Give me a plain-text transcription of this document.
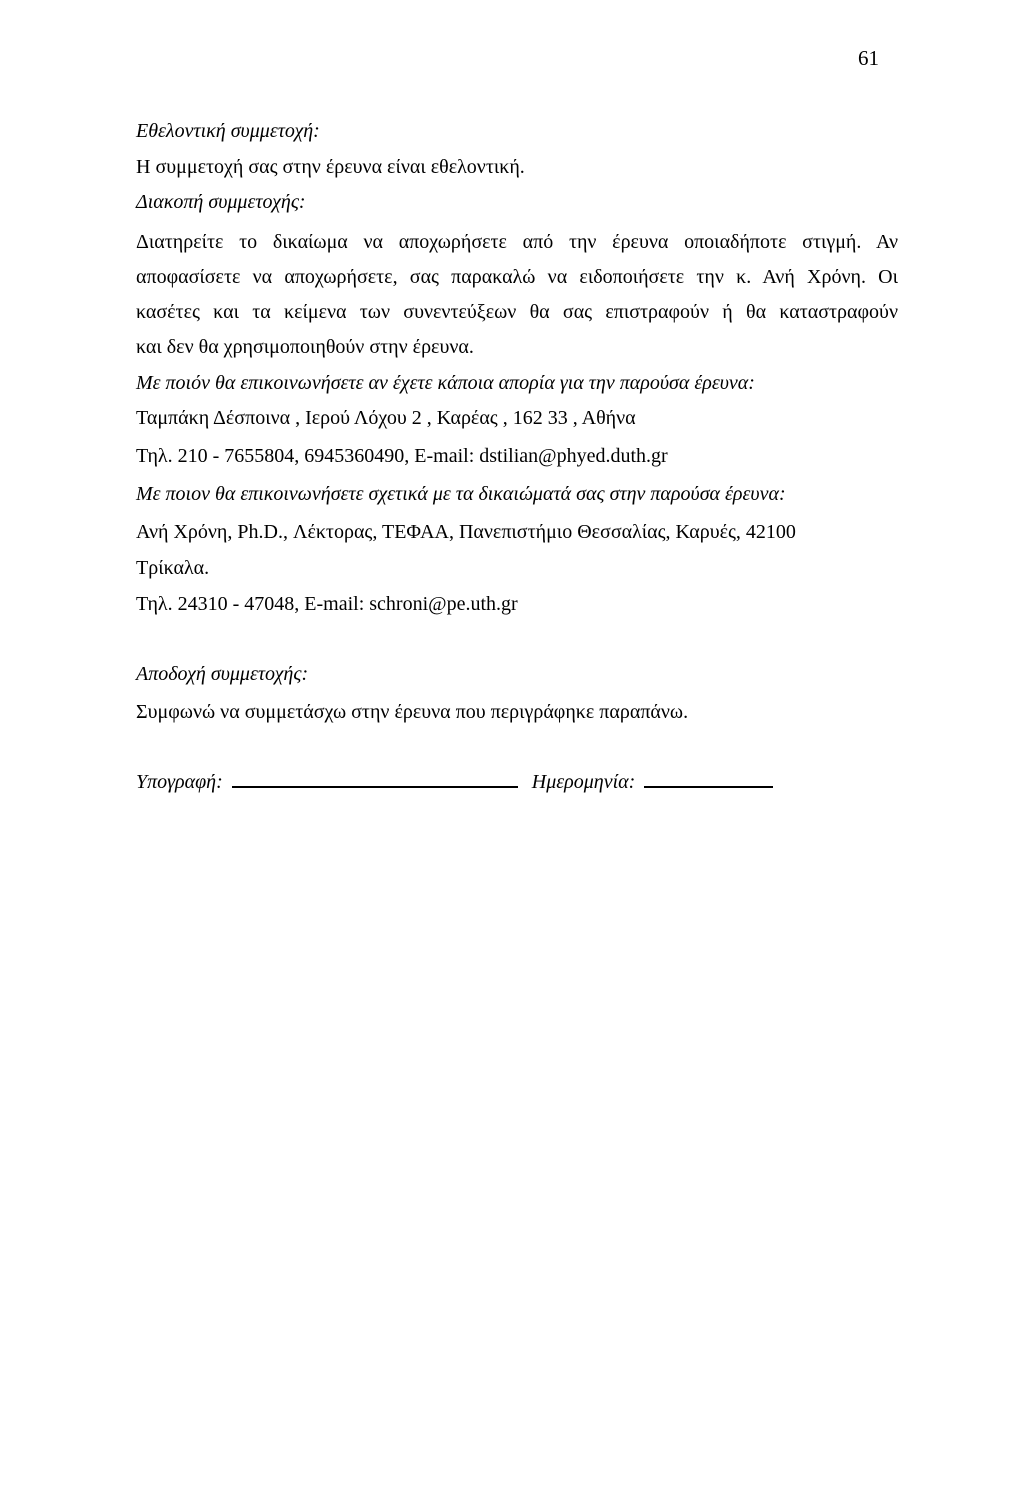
61
Εθελοντική συμμετοχή:
Η συμμετοχή σας στην έρευνα είναι εθελοντική.
Διακοπή συμμετοχής:
Διατηρείτε το δικαίωμα να αποχωρήσετε από την έρευνα οποιαδήποτε στιγμή. Αν
αποφασίσετε να αποχωρήσετε, σας παρακαλώ να ειδοποιήσετε την κ. Ανή Χρόνη. Οι
κασέτες και τα κείμενα των συνεντεύξεων θα σας επιστραφούν ή θα καταστραφούν
και δεν θα χρησιμοποιηθούν στην έρευνα.
Με ποιόν θα επικοινωνήσετε αν έχετε κάποια απορία για την παρούσα έρευνα:
Ταμπάκη Δέσποινα , Ιερού Λόχου 2 , Καρέας , 162 33 , Αθήνα
Τηλ. 210 - 7655804, 6945360490, E-mail: dstilian@phyed.duth.gr
Με ποιον θα επικοινωνήσετε σχετικά με τα δικαιώματά σας στην παρούσα έρευνα:
Ανή Χρόνη, Ph.D., Λέκτορας, ΤΕΦΑΑ, Πανεπιστήμιο Θεσσαλίας, Καρυές, 42100
Τρίκαλα.
Τηλ. 24310 - 47048, E-mail: schroni@pe.uth.gr
Αποδοχή συμμετοχής:
Συμφωνώ να συμμετάσχω στην έρευνα που περιγράφηκε παραπάνω.
Υπογραφή:	Ημερομηνία:
